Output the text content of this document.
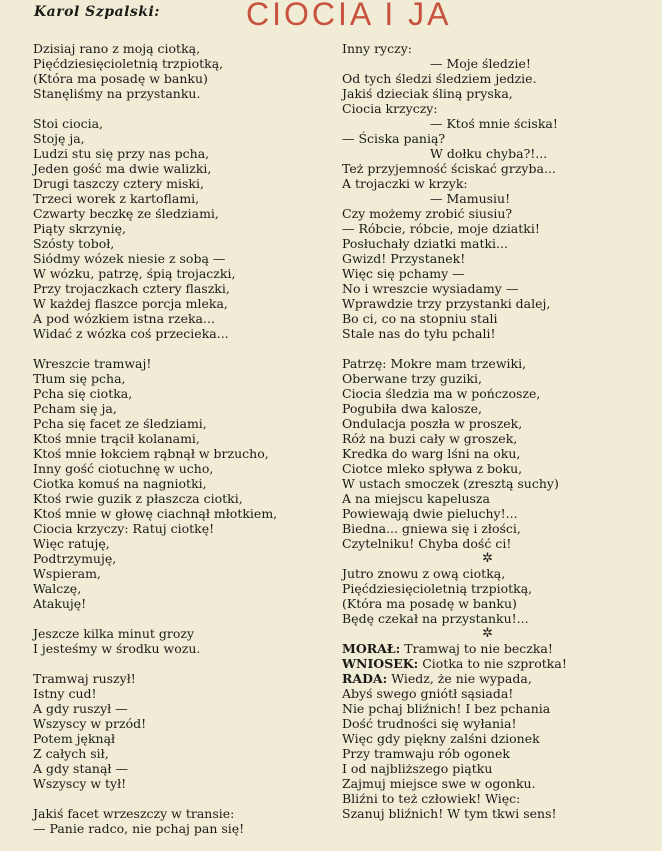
Karol Szpalski:	CIOCIA I JA
Dzisiaj rano z moją ciotką,
Pięćdziesięcioletnią trzpiotką,
(Która ma posadę w banku)
Stanęliśmy na przystanku.
Stoi ciocia,
Stoję ja,
Ludzi stu się przy nas pcha,
Jeden gość ma dwie walizki,
Drugi taszczy cztery miski,
Trzeci worek z kartoflami,
Czwarty beczkę ze śledziami,
Piąty skrzynię,
Szósty toboł,
Siódmy wózek niesie z sobą —
W wózku, patrzę, śpią trojaczki,
Przy trojaczkach cztery flaszki,
W każdej flaszce porcja mleka,
A pod wózkiem istna rzeka...
Widać z wózka coś przecieka...
Wreszcie tramwaj!
Tłum się pcha,
Pcha się ciotka,
Pcham się ja,
Pcha się facet ze śledziami,
Ktoś mnie trącił kolanami,
Ktoś mnie łokciem rąbnął w brzucho,
Inny gość ciotuchnę w ucho,
Ciotka komuś na nagniotki,
Ktoś rwie guzik z płaszcza ciotki,
Ktoś mnie w głowę ciachnął młotkiem,
Ciocia krzyczy: Ratuj ciotkę!
Więc ratuję,
Podtrzymuję,
Wspieram,
Walczę,
Atakuję!
Jeszcze kilka minut grozy
I jesteśmy w środku wozu.
Tramwaj ruszył!
Istny cud!
A gdy ruszył —
Wszyscy w przód!
Potem jęknął
Z całych sił,
A gdy stanął —
Wszyscy w tył!
Jakiś facet wrzeszczy w transie:
— Panie radco, nie pchaj pan się!
Inny ryczy:
— Moje śledzie!
Od tych śledzi śledziem jedzie.
Jakiś dzieciak śliną pryska,
Ciocia krzyczy:
— Ktoś mnie ściska!
— Ściska panią?
W dołku chyba?!...
Też przyjemność ściskać grzyba...
A trojaczki w krzyk:
— Mamusiu!
Czy możemy zrobić siusiu?
— Róbcie, róbcie, moje dziatki!
Posłuchały dziatki matki...
Gwizd! Przystanek!
Więc się pchamy —
No i wreszcie wysiadamy —
Wprawdzie trzy przystanki dalej,
Bo ci, co na stopniu stali
Stale nas do tyłu pchali!
Patrzę: Mokre mam trzewiki,
Oberwane trzy guziki,
Ciocia śledzia ma w pończosze,
Pogubiła dwa kalosze,
Ondulacja poszła w proszek,
Róż na buzi cały w groszek,
Kredka do warg lśni na oku,
Ciotce mleko spływa z boku,
W ustach smoczek (zresztą suchy)
A na miejscu kapelusza
Powiewają dwie pieluchy!...
Biedna... gniewa się i złości,
Czytelniku! Chyba dość ci!
✲
Jutro znowu z ową ciotką,
Pięćdziesięcioletnią trzpiotką,
(Która ma posadę w banku)
Będę czekał na przystanku!...
✲
MORAŁ: Tramwaj to nie beczka!
WNIOSEK: Ciotka to nie szprotka!
RADA: Wiedz, że nie wypada,
Abyś swego gniótł sąsiada!
Nie pchaj bliźnich! I bez pchania
Dość trudności się wyłania!
Więc gdy piękny zalśni dzionek
Przy tramwaju rób ogonek
I od najbliższego piątku
Zajmuj miejsce swe w ogonku.
Bliźni to też człowiek! Więc:
Szanuj bliźnich! W tym tkwi sens!
